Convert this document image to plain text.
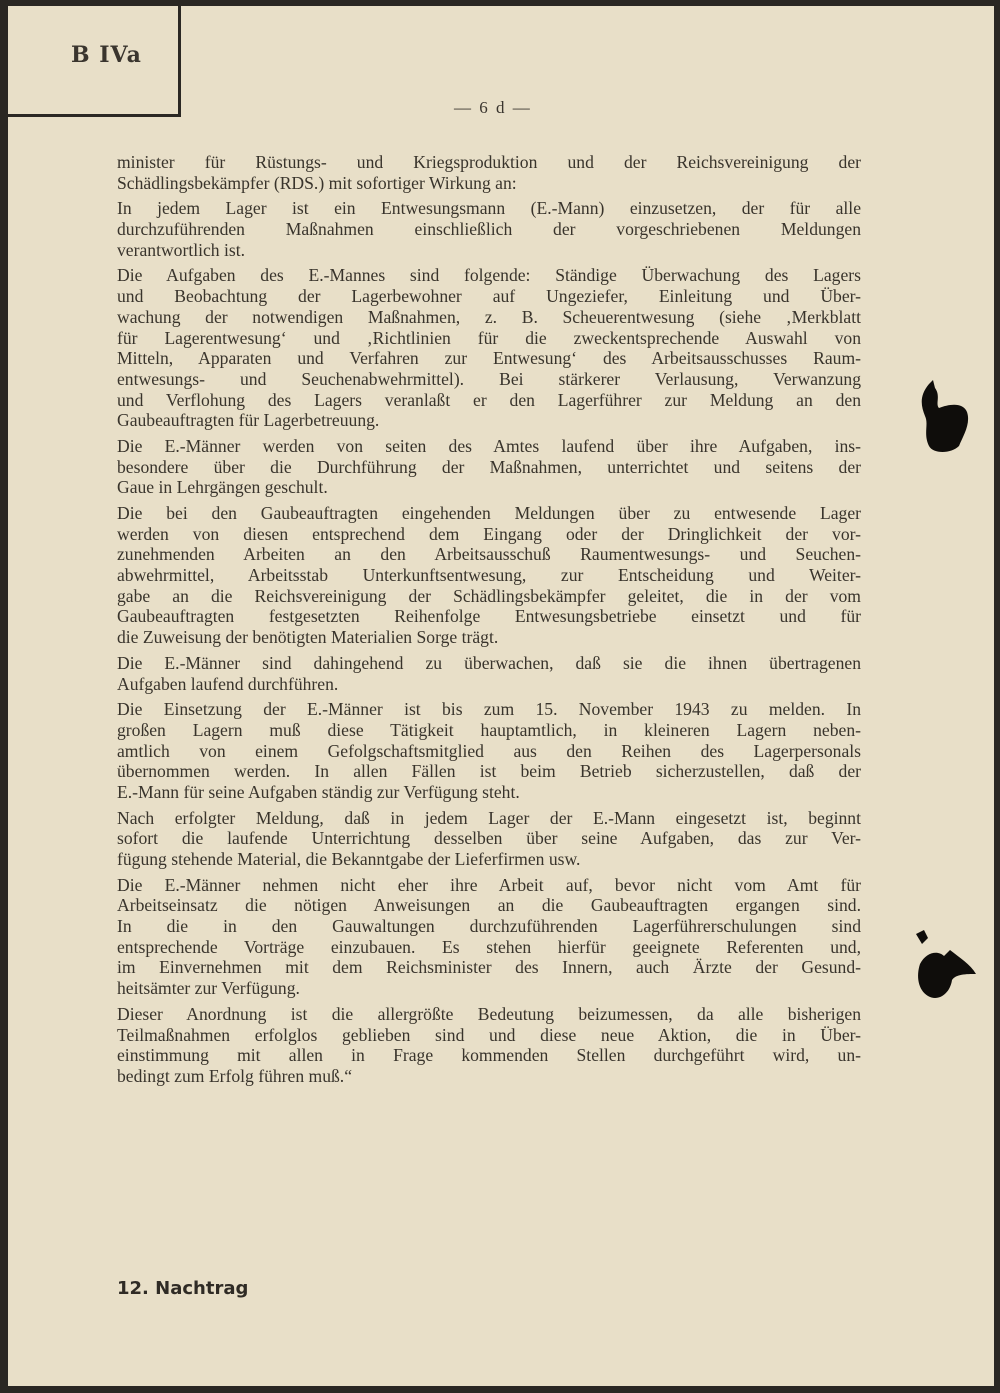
B IVa
— 6 d —
minister für Rüstungs- und Kriegsproduktion und der Reichsvereinigung der
Schädlingsbekämpfer (RDS.) mit sofortiger Wirkung an:
In jedem Lager ist ein Entwesungsmann (E.-Mann) einzusetzen, der für alle
durchzuführenden Maßnahmen einschließlich der vorgeschriebenen Meldungen
verantwortlich ist.
Die Aufgaben des E.-Mannes sind folgende: Ständige Überwachung des Lagers
und Beobachtung der Lagerbewohner auf Ungeziefer, Einleitung und Über-
wachung der notwendigen Maßnahmen, z. B. Scheuerentwesung (siehe ‚Merkblatt
für Lagerentwesung‘ und ‚Richtlinien für die zweckentsprechende Auswahl von
Mitteln, Apparaten und Verfahren zur Entwesung‘ des Arbeitsausschusses Raum-
entwesungs- und Seuchenabwehrmittel). Bei stärkerer Verlausung, Verwanzung
und Verflohung des Lagers veranlaßt er den Lagerführer zur Meldung an den
Gaubeauftragten für Lagerbetreuung.
Die E.-Männer werden von seiten des Amtes laufend über ihre Aufgaben, ins-
besondere über die Durchführung der Maßnahmen, unterrichtet und seitens der
Gaue in Lehrgängen geschult.
Die bei den Gaubeauftragten eingehenden Meldungen über zu entwesende Lager
werden von diesen entsprechend dem Eingang oder der Dringlichkeit der vor-
zunehmenden Arbeiten an den Arbeitsausschuß Raumentwesungs- und Seuchen-
abwehrmittel, Arbeitsstab Unterkunftsentwesung, zur Entscheidung und Weiter-
gabe an die Reichsvereinigung der Schädlingsbekämpfer geleitet, die in der vom
Gaubeauftragten festgesetzten Reihenfolge Entwesungsbetriebe einsetzt und für
die Zuweisung der benötigten Materialien Sorge trägt.
Die E.-Männer sind dahingehend zu überwachen, daß sie die ihnen übertragenen
Aufgaben laufend durchführen.
Die Einsetzung der E.-Männer ist bis zum 15. November 1943 zu melden. In
großen Lagern muß diese Tätigkeit hauptamtlich, in kleineren Lagern neben-
amtlich von einem Gefolgschaftsmitglied aus den Reihen des Lagerpersonals
übernommen werden. In allen Fällen ist beim Betrieb sicherzustellen, daß der
E.-Mann für seine Aufgaben ständig zur Verfügung steht.
Nach erfolgter Meldung, daß in jedem Lager der E.-Mann eingesetzt ist, beginnt
sofort die laufende Unterrichtung desselben über seine Aufgaben, das zur Ver-
fügung stehende Material, die Bekanntgabe der Lieferfirmen usw.
Die E.-Männer nehmen nicht eher ihre Arbeit auf, bevor nicht vom Amt für
Arbeitseinsatz die nötigen Anweisungen an die Gaubeauftragten ergangen sind.
In die in den Gauwaltungen durchzuführenden Lagerführerschulungen sind
entsprechende Vorträge einzubauen. Es stehen hierfür geeignete Referenten und,
im Einvernehmen mit dem Reichsminister des Innern, auch Ärzte der Gesund-
heitsämter zur Verfügung.
Dieser Anordnung ist die allergrößte Bedeutung beizumessen, da alle bisherigen
Teilmaßnahmen erfolglos geblieben sind und diese neue Aktion, die in Über-
einstimmung mit allen in Frage kommenden Stellen durchgeführt wird, un-
bedingt zum Erfolg führen muß.“
12. Nachtrag
